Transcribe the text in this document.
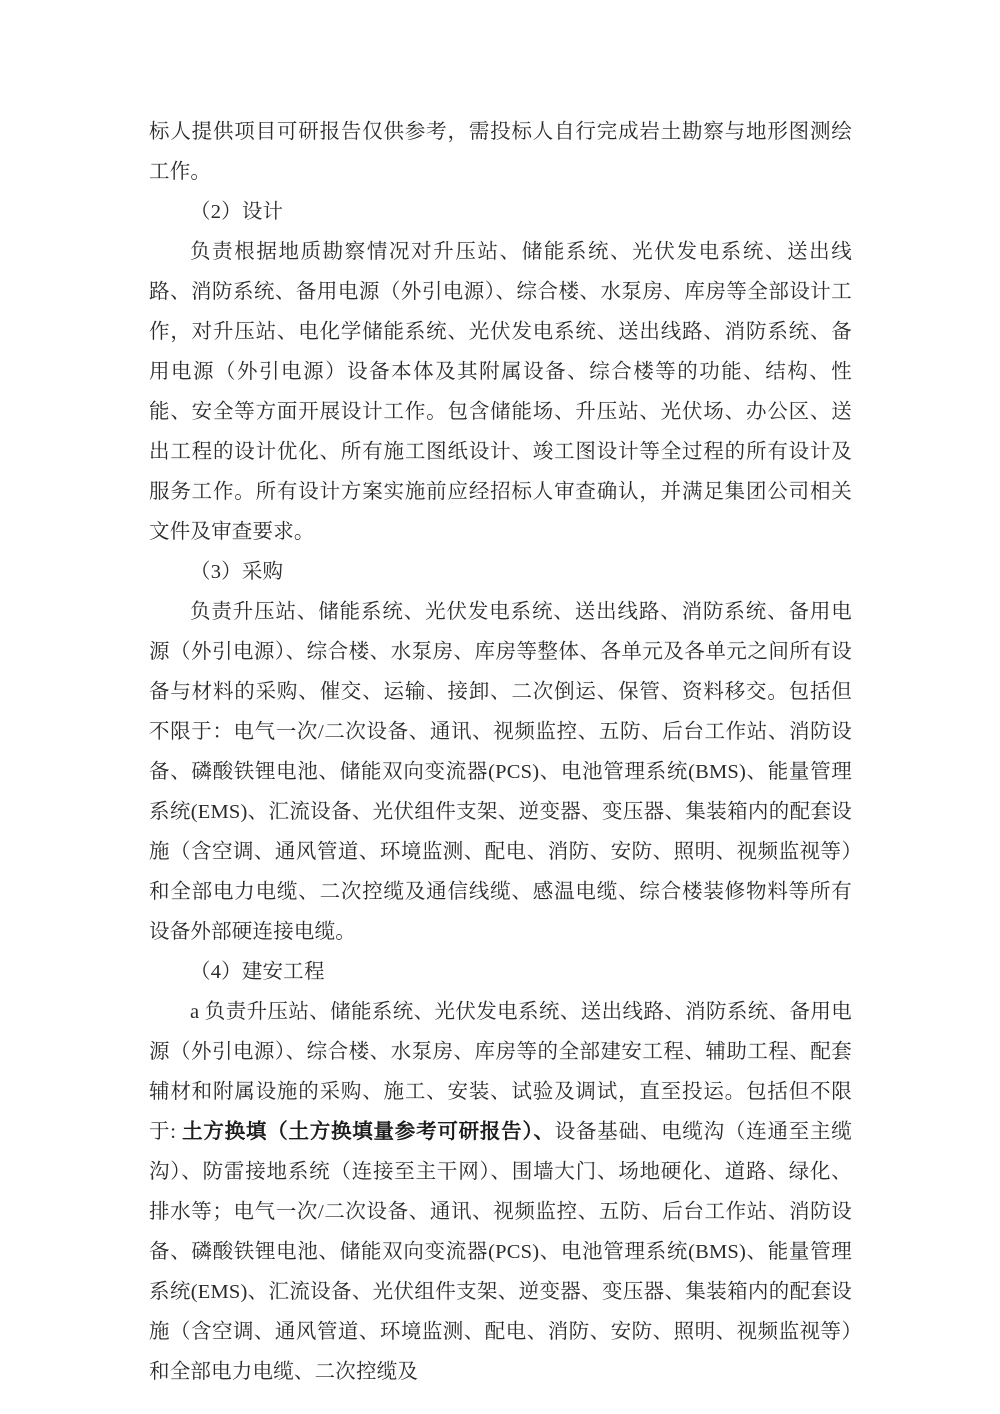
标人提供项目可研报告仅供参考，需投标人自行完成岩土勘察与地形图测绘工作。

（2）设计

负责根据地质勘察情况对升压站、储能系统、光伏发电系统、送出线路、消防系统、备用电源（外引电源）、综合楼、水泵房、库房等全部设计工作，对升压站、电化学储能系统、光伏发电系统、送出线路、消防系统、备用电源（外引电源）设备本体及其附属设备、综合楼等的功能、结构、性能、安全等方面开展设计工作。包含储能场、升压站、光伏场、办公区、送出工程的设计优化、所有施工图纸设计、竣工图设计等全过程的所有设计及服务工作。所有设计方案实施前应经招标人审查确认，并满足集团公司相关文件及审查要求。

（3）采购

负责升压站、储能系统、光伏发电系统、送出线路、消防系统、备用电源（外引电源）、综合楼、水泵房、库房等整体、各单元及各单元之间所有设备与材料的采购、催交、运输、接卸、二次倒运、保管、资料移交。包括但不限于：电气一次/二次设备、通讯、视频监控、五防、后台工作站、消防设备、磷酸铁锂电池、储能双向变流器(PCS)、电池管理系统(BMS)、能量管理系统(EMS)、汇流设备、光伏组件支架、逆变器、变压器、集装箱内的配套设施（含空调、通风管道、环境监测、配电、消防、安防、照明、视频监视等）和全部电力电缆、二次控缆及通信线缆、感温电缆、综合楼装修物料等所有设备外部硬连接电缆。

（4）建安工程

a 负责升压站、储能系统、光伏发电系统、送出线路、消防系统、备用电源（外引电源）、综合楼、水泵房、库房等的全部建安工程、辅助工程、配套辅材和附属设施的采购、施工、安装、试验及调试，直至投运。包括但不限于: 土方换填（土方换填量参考可研报告）、设备基础、电缆沟（连通至主缆沟）、防雷接地系统（连接至主干网）、围墙大门、场地硬化、道路、绿化、排水等；电气一次/二次设备、通讯、视频监控、五防、后台工作站、消防设备、磷酸铁锂电池、储能双向变流器(PCS)、电池管理系统(BMS)、能量管理系统(EMS)、汇流设备、光伏组件支架、逆变器、变压器、集装箱内的配套设施（含空调、通风管道、环境监测、配电、消防、安防、照明、视频监视等）和全部电力电缆、二次控缆及
